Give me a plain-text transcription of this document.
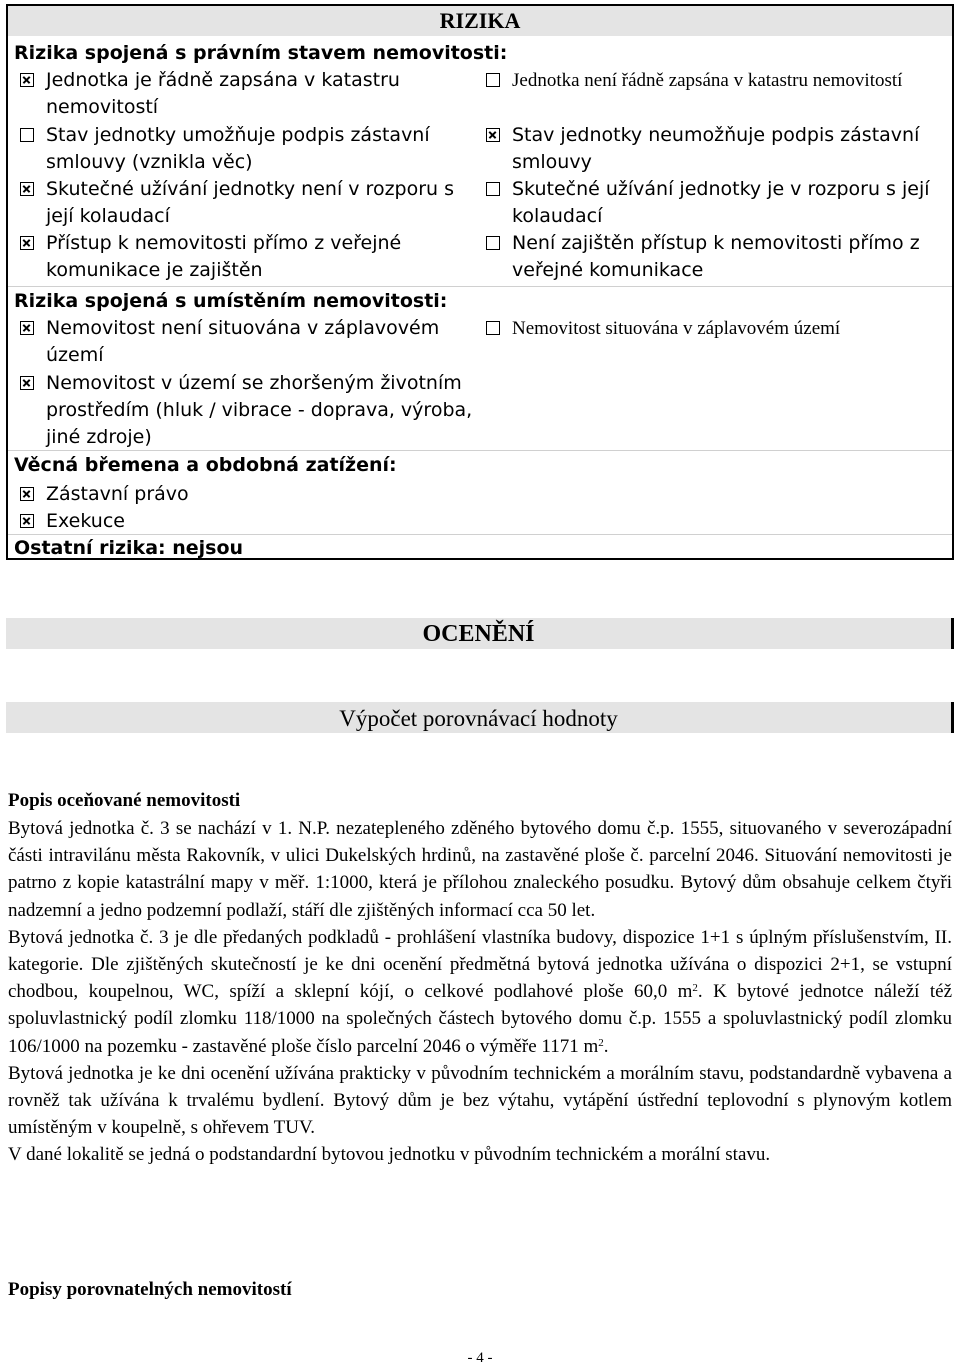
RIZIKA
Rizika spojená s právním stavem nemovitosti:
Jednotka je řádně zapsána v katastru nemovitostí
Jednotka není řádně zapsána v katastru nemovitostí
Stav jednotky umožňuje podpis zástavní smlouvy (vznikla věc)
Stav jednotky neumožňuje podpis zástavní smlouvy
Skutečné užívání jednotky není v rozporu s její kolaudací
Skutečné užívání jednotky je v rozporu s její kolaudací
Přístup k nemovitosti přímo z veřejné komunikace je zajištěn
Není zajištěn přístup k nemovitosti přímo z veřejné komunikace
Rizika spojená s umístěním nemovitosti:
Nemovitost není situována v záplavovém území
Nemovitost situována v záplavovém území
Nemovitost v území se zhoršeným životním prostředím (hluk / vibrace - doprava, výroba, jiné zdroje)
Věcná břemena a obdobná zatížení:
Zástavní právo
Exekuce
Ostatní rizika: nejsou
OCENĚNÍ
Výpočet porovnávací hodnoty
Popis oceňované nemovitosti

Bytová jednotka č. 3 se nachází v 1. N.P. nezatepleného zděného bytového domu č.p. 1555, situovaného v severozápadní části intravilánu města Rakovník, v ulici Dukelských hrdinů, na zastavěné ploše č. parcelní 2046. Situování nemovitosti je patrno z kopie katastrální mapy v měř. 1:1000, která je přílohou znaleckého posudku. Bytový dům obsahuje celkem čtyři nadzemní a jedno podzemní podlaží, stáří dle zjištěných informací cca 50 let.

Bytová jednotka č. 3 je dle předaných podkladů - prohlášení vlastníka budovy, dispozice 1+1 s úplným příslušenstvím, II. kategorie. Dle zjištěných skutečností je ke dni ocenění předmětná bytová jednotka užívána o dispozici 2+1, se vstupní chodbou, koupelnou, WC, spíží a sklepní kójí, o celkové podlahové ploše 60,0 $m^2$. K bytové jednotce náleží též spoluvlastnický podíl zlomku 118/1000 na společných částech bytového domu č.p. 1555 a spoluvlastnický podíl zlomku 106/1000 na pozemku - zastavěné ploše číslo parcelní 2046 o výměře 1171 $m^2$.

Bytová jednotka je ke dni ocenění užívána prakticky v původním technickém a morálním stavu, podstandardně vybavena a rovněž tak užívána k trvalému bydlení. Bytový dům je bez výtahu, vytápění ústřední teplovodní s plynovým kotlem umístěným v koupelně, s ohřevem TUV.

V dané lokalitě se jedná o podstandardní bytovou jednotku v původním technickém a morální stavu.

Popisy porovnatelných nemovitostí
- 4 -
